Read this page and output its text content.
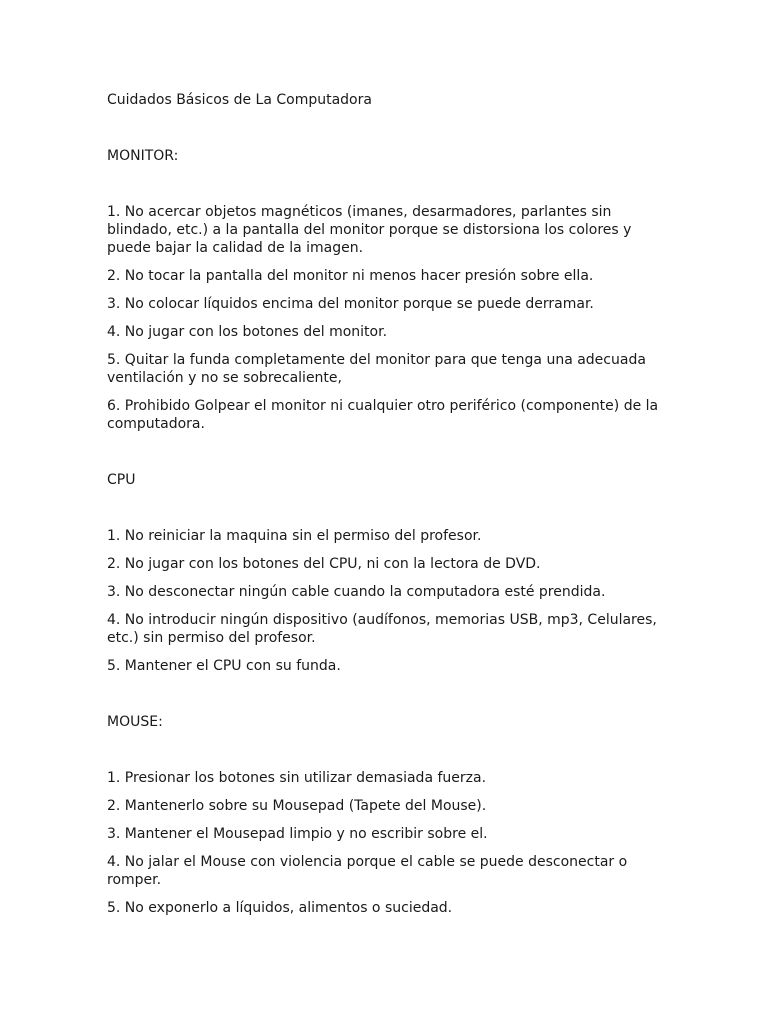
Cuidados Básicos de La Computadora

MONITOR:

1. No acercar objetos magnéticos (imanes, desarmadores, parlantes sin blindado, etc.) a la pantalla del monitor porque se distorsiona los colores y puede bajar la calidad de la imagen.
2. No tocar la pantalla del monitor ni menos hacer presión sobre ella.
3. No colocar líquidos encima del monitor porque se puede derramar.
4. No jugar con los botones del monitor.
5. Quitar la funda completamente del monitor para que tenga una adecuada ventilación y no se sobrecaliente,
6. Prohibido Golpear el monitor ni cualquier otro periférico (componente) de la computadora.

CPU

1. No reiniciar la maquina sin el permiso del profesor.
2. No jugar con los botones del CPU, ni con la lectora de DVD.
3. No desconectar ningún cable cuando la computadora esté prendida.
4. No introducir ningún dispositivo (audífonos, memorias USB, mp3, Celulares, etc.) sin permiso del profesor.
5. Mantener el CPU con su funda.

MOUSE:

1. Presionar los botones sin utilizar demasiada fuerza.
2. Mantenerlo sobre su Mousepad (Tapete del Mouse).
3. Mantener el Mousepad limpio y no escribir sobre el.
4. No jalar el Mouse con violencia porque el cable se puede desconectar o romper.
5. No exponerlo a líquidos, alimentos o suciedad.
